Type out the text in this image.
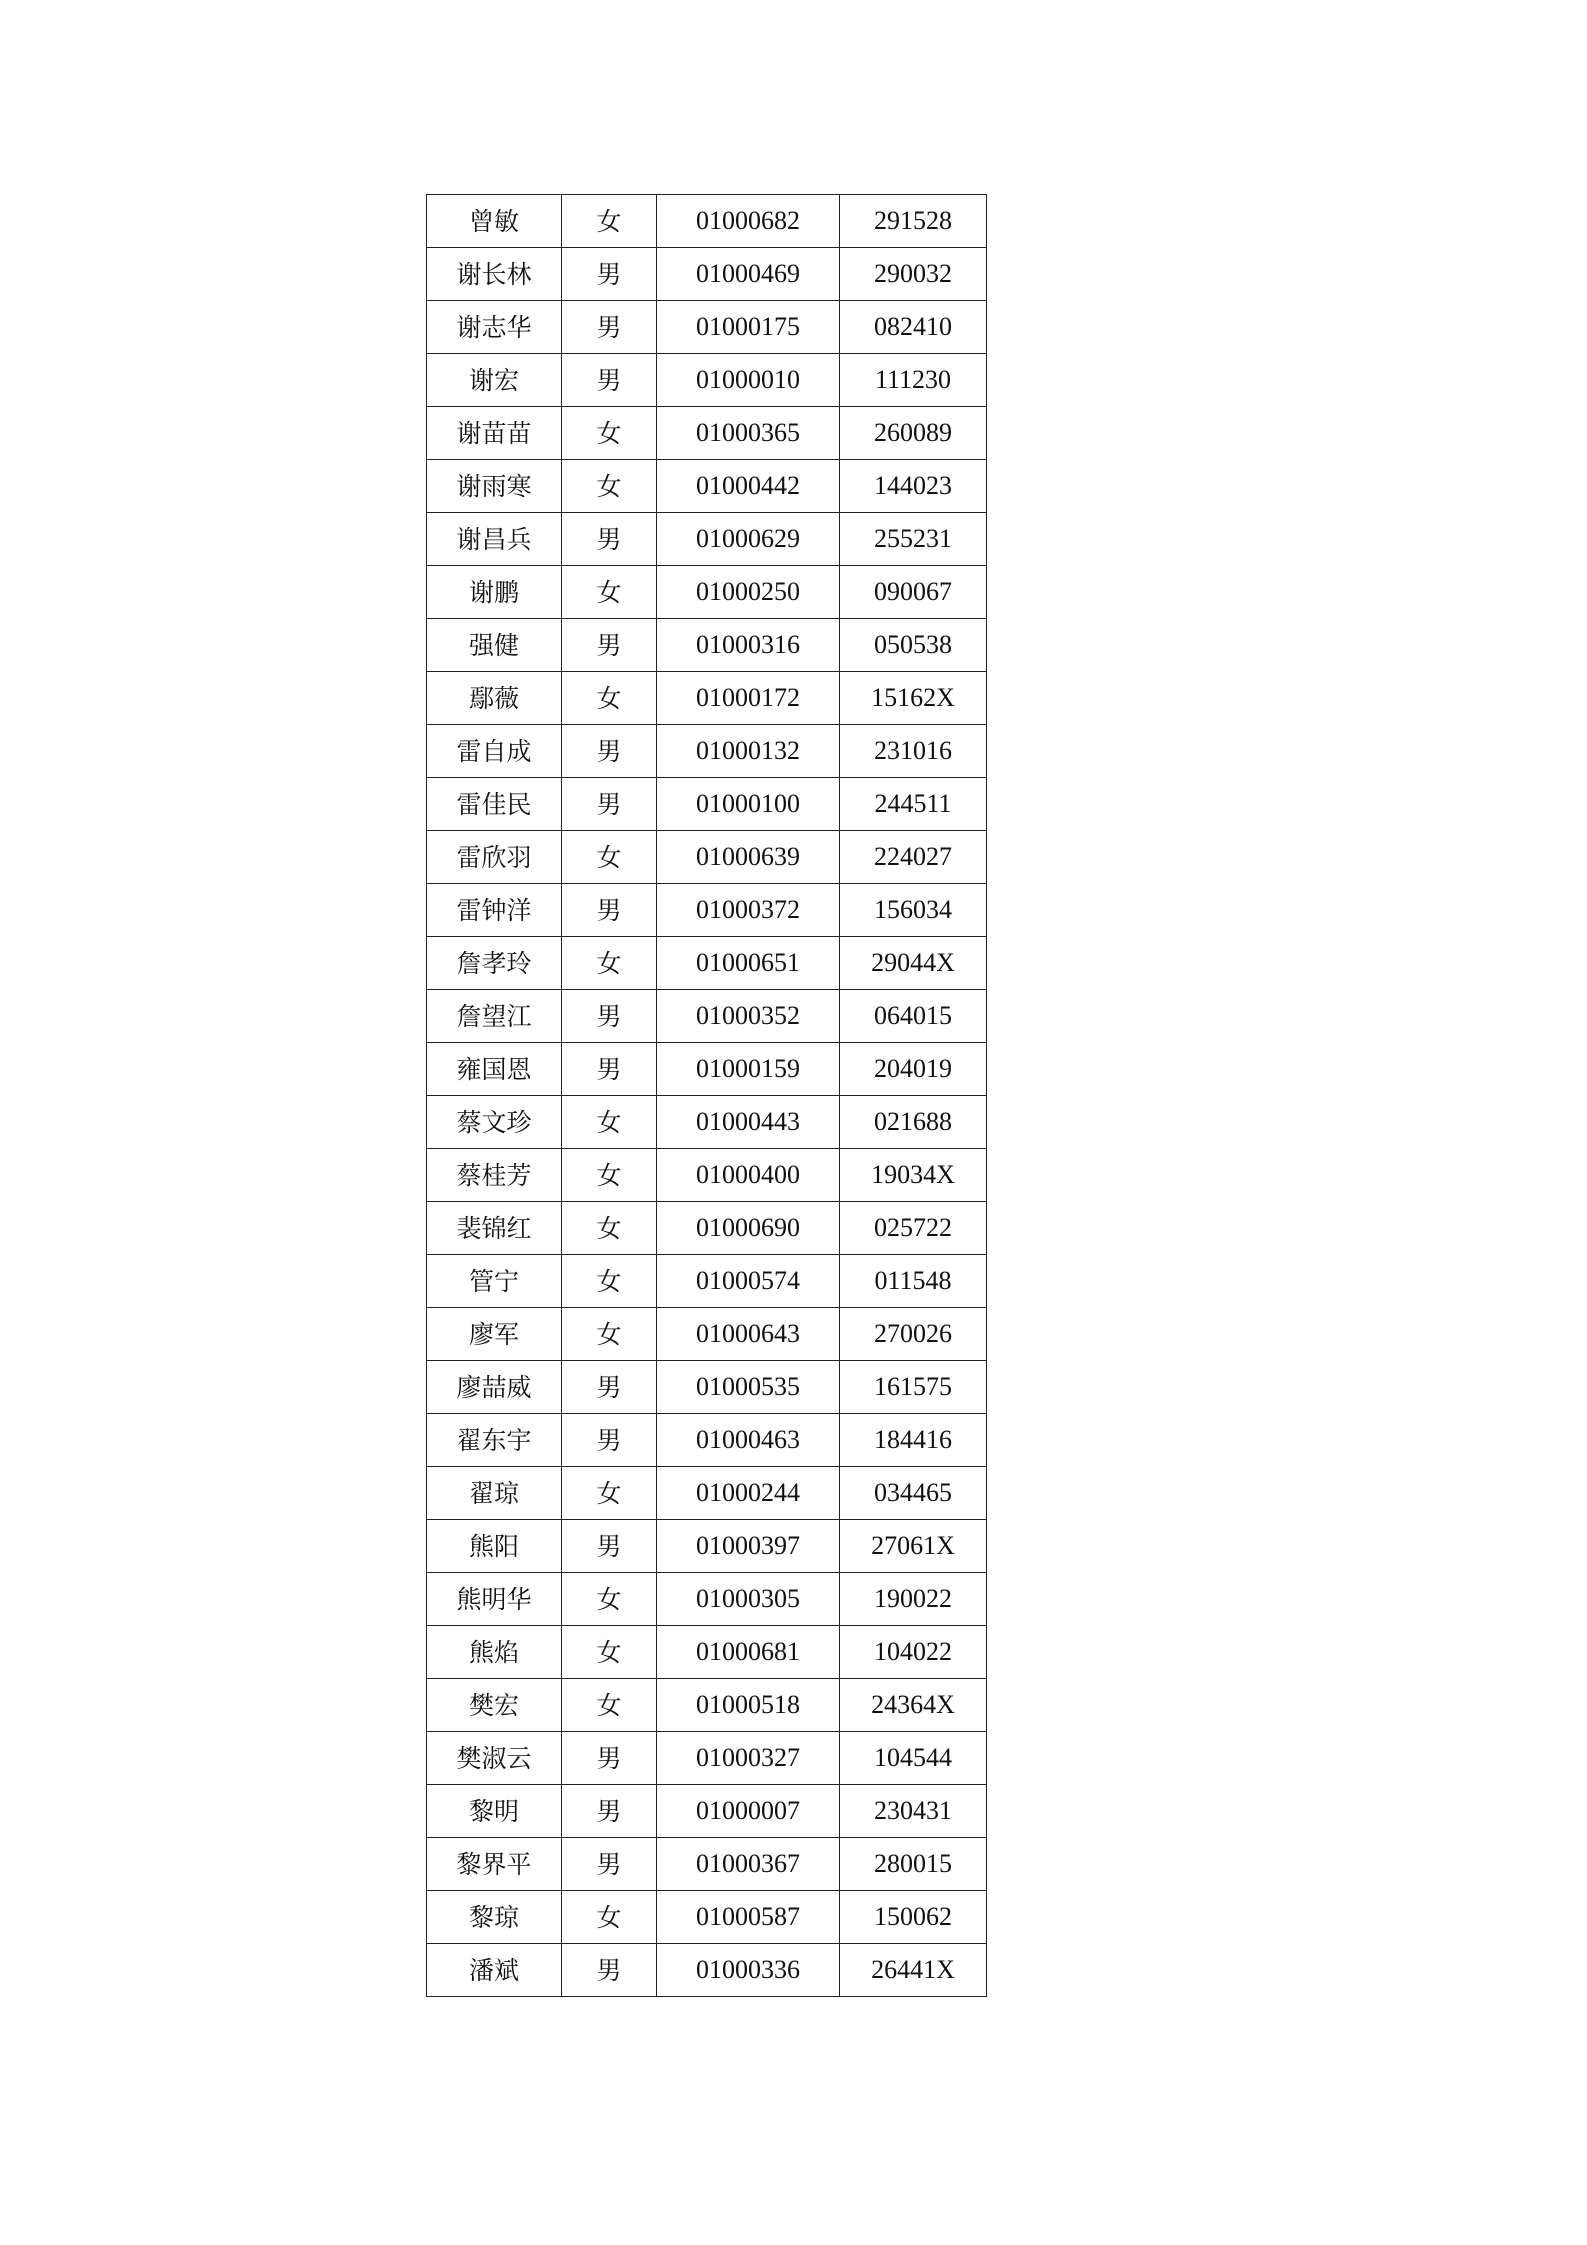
曾敏	女	01000682	291528
谢长林	男	01000469	290032
谢志华	男	01000175	082410
谢宏	男	01000010	111230
谢苗苗	女	01000365	260089
谢雨寒	女	01000442	144023
谢昌兵	男	01000629	255231
谢鹏	女	01000250	090067
强健	男	01000316	050538
鄢薇	女	01000172	15162X
雷自成	男	01000132	231016
雷佳民	男	01000100	244511
雷欣羽	女	01000639	224027
雷钟洋	男	01000372	156034
詹孝玲	女	01000651	29044X
詹望江	男	01000352	064015
雍国恩	男	01000159	204019
蔡文珍	女	01000443	021688
蔡桂芳	女	01000400	19034X
裴锦红	女	01000690	025722
管宁	女	01000574	011548
廖军	女	01000643	270026
廖喆威	男	01000535	161575
翟东宇	男	01000463	184416
翟琼	女	01000244	034465
熊阳	男	01000397	27061X
熊明华	女	01000305	190022
熊焰	女	01000681	104022
樊宏	女	01000518	24364X
樊淑云	男	01000327	104544
黎明	男	01000007	230431
黎界平	男	01000367	280015
黎琼	女	01000587	150062
潘斌	男	01000336	26441X
